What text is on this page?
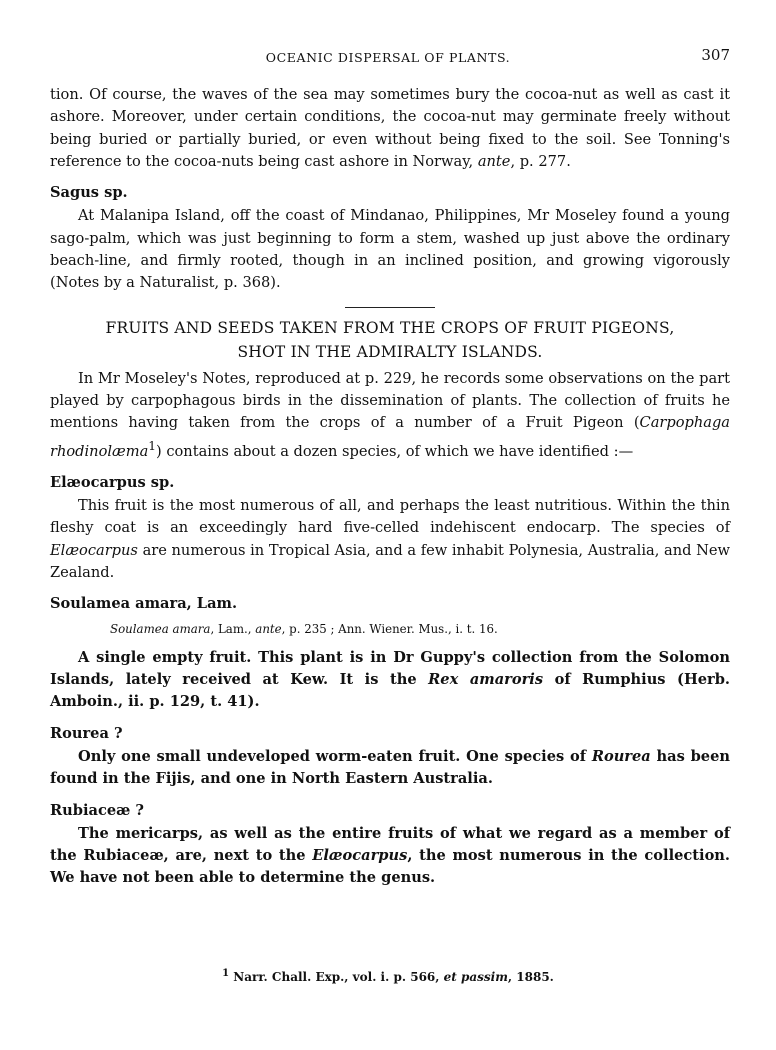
OCEANIC DISPERSAL OF PLANTS.	307

tion. Of course, the waves of the sea may sometimes bury the cocoa-nut as well as cast it ashore. Moreover, under certain conditions, the cocoa-nut may germinate freely without being buried or partially buried, or even without being fixed to the soil. See Tonning's reference to the cocoa-nuts being cast ashore in Norway, ante, p. 277.

Sagus sp.

At Malanipa Island, off the coast of Mindanao, Philippines, Mr Moseley found a young sago-palm, which was just beginning to form a stem, washed up just above the ordinary beach-line, and firmly rooted, though in an inclined position, and growing vigorously (Notes by a Naturalist, p. 368).

FRUITS AND SEEDS TAKEN FROM THE CROPS OF FRUIT PIGEONS,
SHOT IN THE ADMIRALTY ISLANDS.

In Mr Moseley's Notes, reproduced at p. 229, he records some observations on the part played by carpophagous birds in the dissemination of plants. The collection of fruits he mentions having taken from the crops of a number of a Fruit Pigeon (Carpophaga rhodinolæma$^1$) contains about a dozen species, of which we have identified :—

Elæocarpus sp.

This fruit is the most numerous of all, and perhaps the least nutritious. Within the thin fleshy coat is an exceedingly hard five-celled indehiscent endocarp. The species of Elæocarpus are numerous in Tropical Asia, and a few inhabit Polynesia, Australia, and New Zealand.

Soulamea amara, Lam.
Soulamea amara, Lam., ante, p. 235 ; Ann. Wiener. Mus., i. t. 16.

A single empty fruit. This plant is in Dr Guppy's collection from the Solomon Islands, lately received at Kew. It is the Rex amaroris of Rumphius (Herb. Amboin., ii. p. 129, t. 41).

Rourea ?

Only one small undeveloped worm-eaten fruit. One species of Rourea has been found in the Fijis, and one in North Eastern Australia.

Rubiaceæ ?

The mericarps, as well as the entire fruits of what we regard as a member of the Rubiaceæ, are, next to the Elæocarpus, the most numerous in the collection. We have not been able to determine the genus.

$^1$ Narr. Chall. Exp., vol. i. p. 566, et passim, 1885.
